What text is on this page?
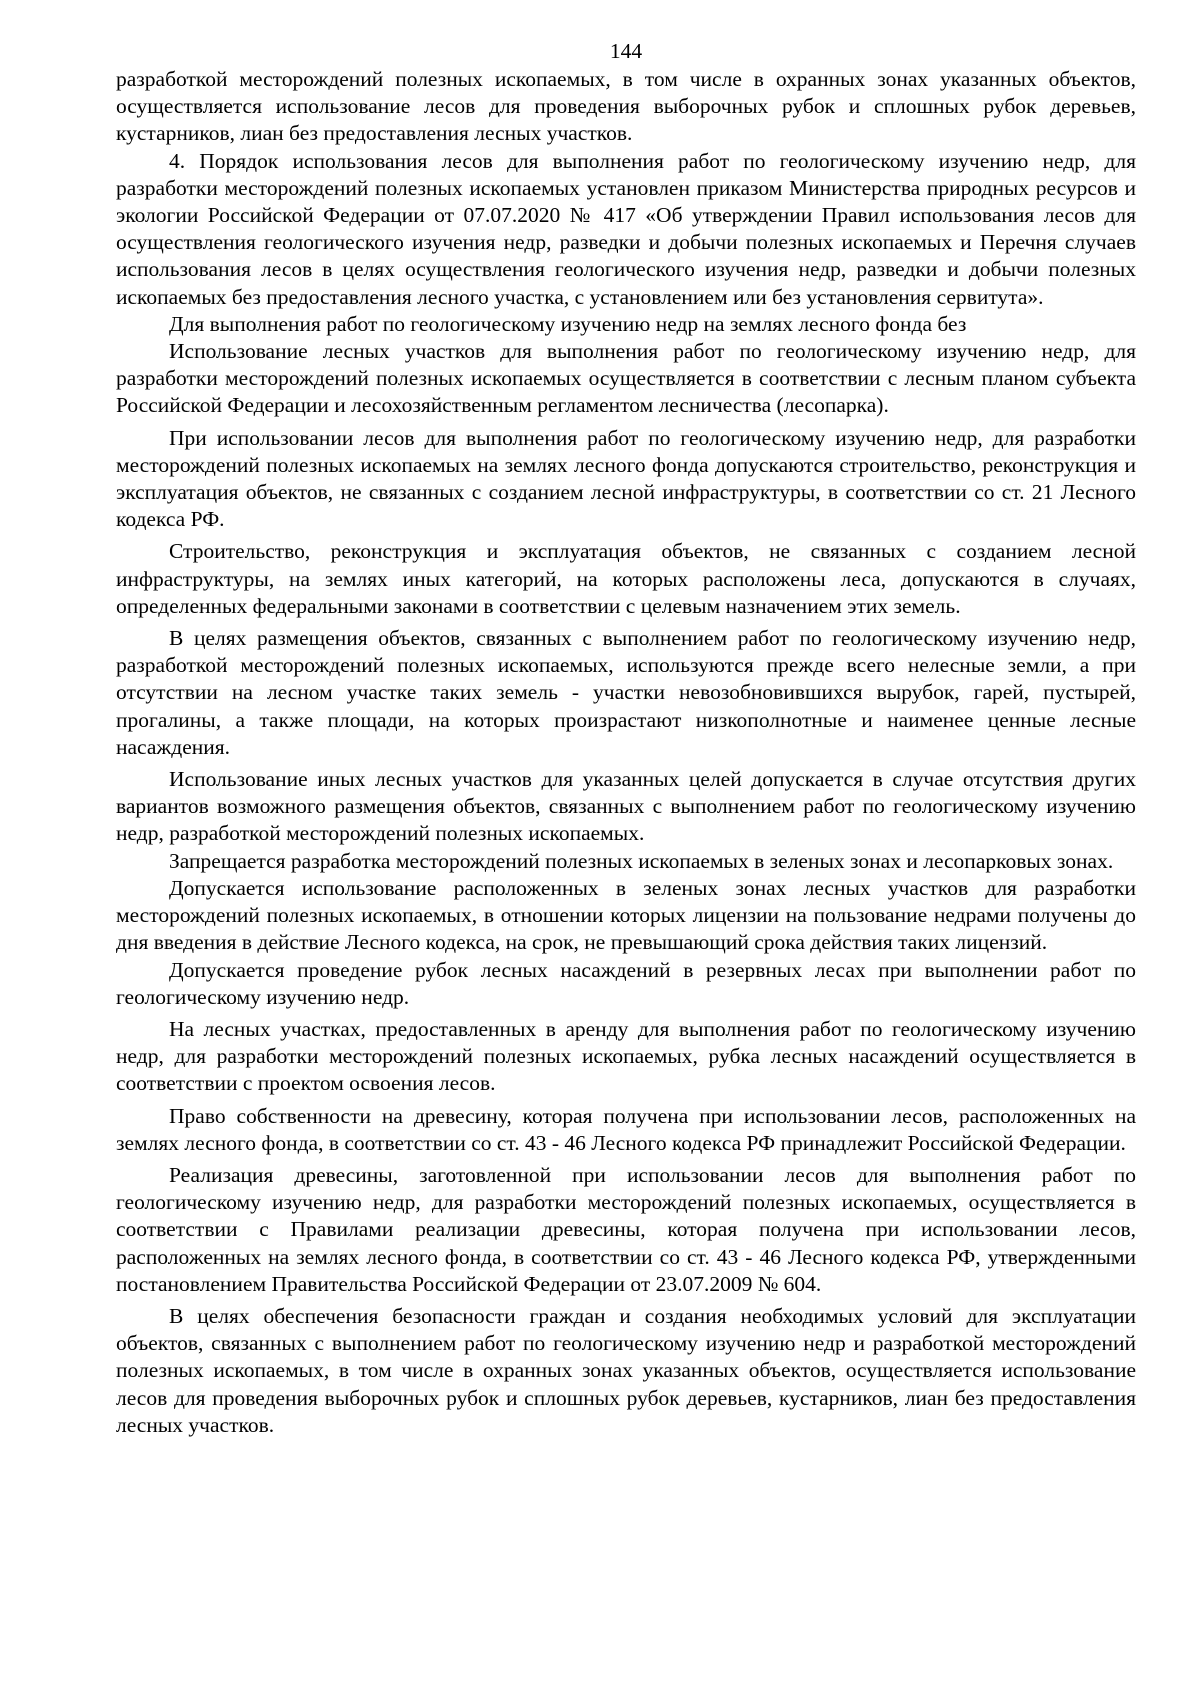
144

разработкой месторождений полезных ископаемых, в том числе в охранных зонах указанных объектов, осуществляется использование лесов для проведения выборочных рубок и сплошных рубок деревьев, кустарников, лиан без предоставления лесных участков.

4. Порядок использования лесов для выполнения работ по геологическому изучению недр, для разработки месторождений полезных ископаемых установлен приказом Министерства природных ресурсов и экологии Российской Федерации от 07.07.2020 № 417 «Об утверждении Правил использования лесов для осуществления геологического изучения недр, разведки и добычи полезных ископаемых и Перечня случаев использования лесов в целях осуществления геологического изучения недр, разведки и добычи полезных ископаемых без предоставления лесного участка, с установлением или без установления сервитута».

Для выполнения работ по геологическому изучению недр на землях лесного фонда без

Использование лесных участков для выполнения работ по геологическому изучению недр, для разработки месторождений полезных ископаемых осуществляется в соответствии с лесным планом субъекта Российской Федерации и лесохозяйственным регламентом лесничества (лесопарка).

При использовании лесов для выполнения работ по геологическому изучению недр, для разработки месторождений полезных ископаемых на землях лесного фонда допускаются строительство, реконструкция и эксплуатация объектов, не связанных с созданием лесной инфраструктуры, в соответствии со ст. 21 Лесного кодекса РФ.

Строительство, реконструкция и эксплуатация объектов, не связанных с созданием лесной инфраструктуры, на землях иных категорий, на которых расположены леса, допускаются в случаях, определенных федеральными законами в соответствии с целевым назначением этих земель.

В целях размещения объектов, связанных с выполнением работ по геологическому изучению недр, разработкой месторождений полезных ископаемых, используются прежде всего нелесные земли, а при отсутствии на лесном участке таких земель - участки невозобновившихся вырубок, гарей, пустырей, прогалины, а также площади, на которых произрастают низкополнотные и наименее ценные лесные насаждения.

Использование иных лесных участков для указанных целей допускается в случае отсутствия других вариантов возможного размещения объектов, связанных с выполнением работ по геологическому изучению недр, разработкой месторождений полезных ископаемых.

Запрещается разработка месторождений полезных ископаемых в зеленых зонах и лесопарковых зонах.

Допускается использование расположенных в зеленых зонах лесных участков для разработки месторождений полезных ископаемых, в отношении которых лицензии на пользование недрами получены до дня введения в действие Лесного кодекса, на срок, не превышающий срока действия таких лицензий.

Допускается проведение рубок лесных насаждений в резервных лесах при выполнении работ по геологическому изучению недр.

На лесных участках, предоставленных в аренду для выполнения работ по геологическому изучению недр, для разработки месторождений полезных ископаемых, рубка лесных насаждений осуществляется в соответствии с проектом освоения лесов.

Право собственности на древесину, которая получена при использовании лесов, расположенных на землях лесного фонда, в соответствии со ст. 43 - 46 Лесного кодекса РФ принадлежит Российской Федерации.

Реализация древесины, заготовленной при использовании лесов для выполнения работ по геологическому изучению недр, для разработки месторождений полезных ископаемых, осуществляется в соответствии с Правилами реализации древесины, которая получена при использовании лесов, расположенных на землях лесного фонда, в соответствии со ст. 43 - 46 Лесного кодекса РФ, утвержденными постановлением Правительства Российской Федерации от 23.07.2009 № 604.

В целях обеспечения безопасности граждан и создания необходимых условий для эксплуатации объектов, связанных с выполнением работ по геологическому изучению недр и разработкой месторождений полезных ископаемых, в том числе в охранных зонах указанных объектов, осуществляется использование лесов для проведения выборочных рубок и сплошных рубок деревьев, кустарников, лиан без предоставления лесных участков.
